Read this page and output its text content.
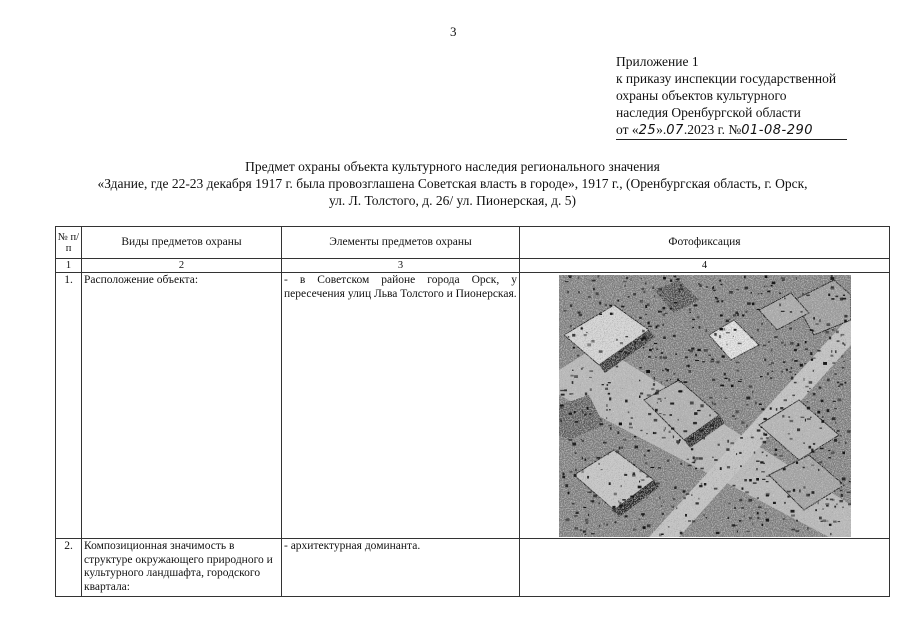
3
Приложение 1
к приказу инспекции государственной
охраны объектов культурного
наследия Оренбургской области
от «25».07.2023 г. №01-08-290
Предмет охраны объекта культурного наследия регионального значения
«Здание, где 22-23 декабря 1917 г. была провозглашена Советская власть в городе», 1917 г., (Оренбургская область, г. Орск,
ул. Л. Толстого, д. 26/ ул. Пионерская, д. 5)
№ п/п	Виды предметов охраны	Элементы предметов охраны	Фотофиксация
1	2	3	4
1.	Расположение объекта:	- в Советском районе города Орск, у пересечения улиц Льва Толстого и Пионерская.	

2.	Композиционная значимость в структуре окружающего природного и культурного ландшафта, городского квартала:	- архитектурная доминанта.	
